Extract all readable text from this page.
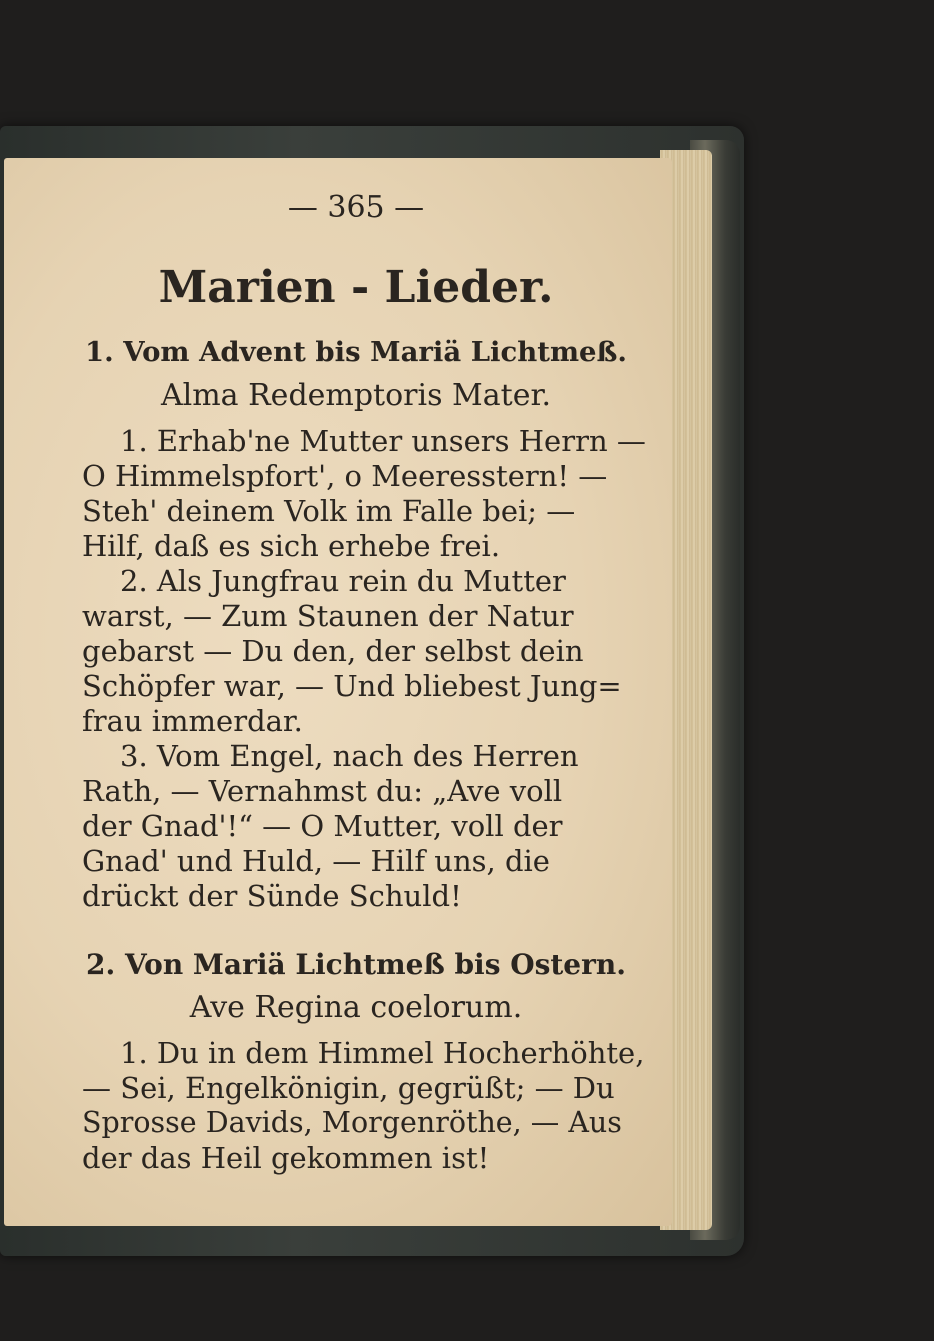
— 365 —
Marien - Lieder.
1. Vom Advent bis Mariä Lichtmeß.
Alma Redemptoris Mater.
1. Erhab'ne Mutter unsers Herrn —
O Himmelspfort', o Meeresstern! —
Steh' deinem Volk im Falle bei; —
Hilf, daß es sich erhebe frei.
2. Als Jungfrau rein du Mutter
warst, — Zum Staunen der Natur
gebarst — Du den, der selbst dein
Schöpfer war, — Und bliebest Jung=
frau immerdar.
3. Vom Engel, nach des Herren
Rath, — Vernahmst du: „Ave voll
der Gnad'!“ — O Mutter, voll der
Gnad' und Huld, — Hilf uns, die
drückt der Sünde Schuld!
2. Von Mariä Lichtmeß bis Ostern.
Ave Regina coelorum.
1. Du in dem Himmel Hocherhöhte,
— Sei, Engelkönigin, gegrüßt; — Du
Sprosse Davids, Morgenröthe, — Aus
der das Heil gekommen ist!
